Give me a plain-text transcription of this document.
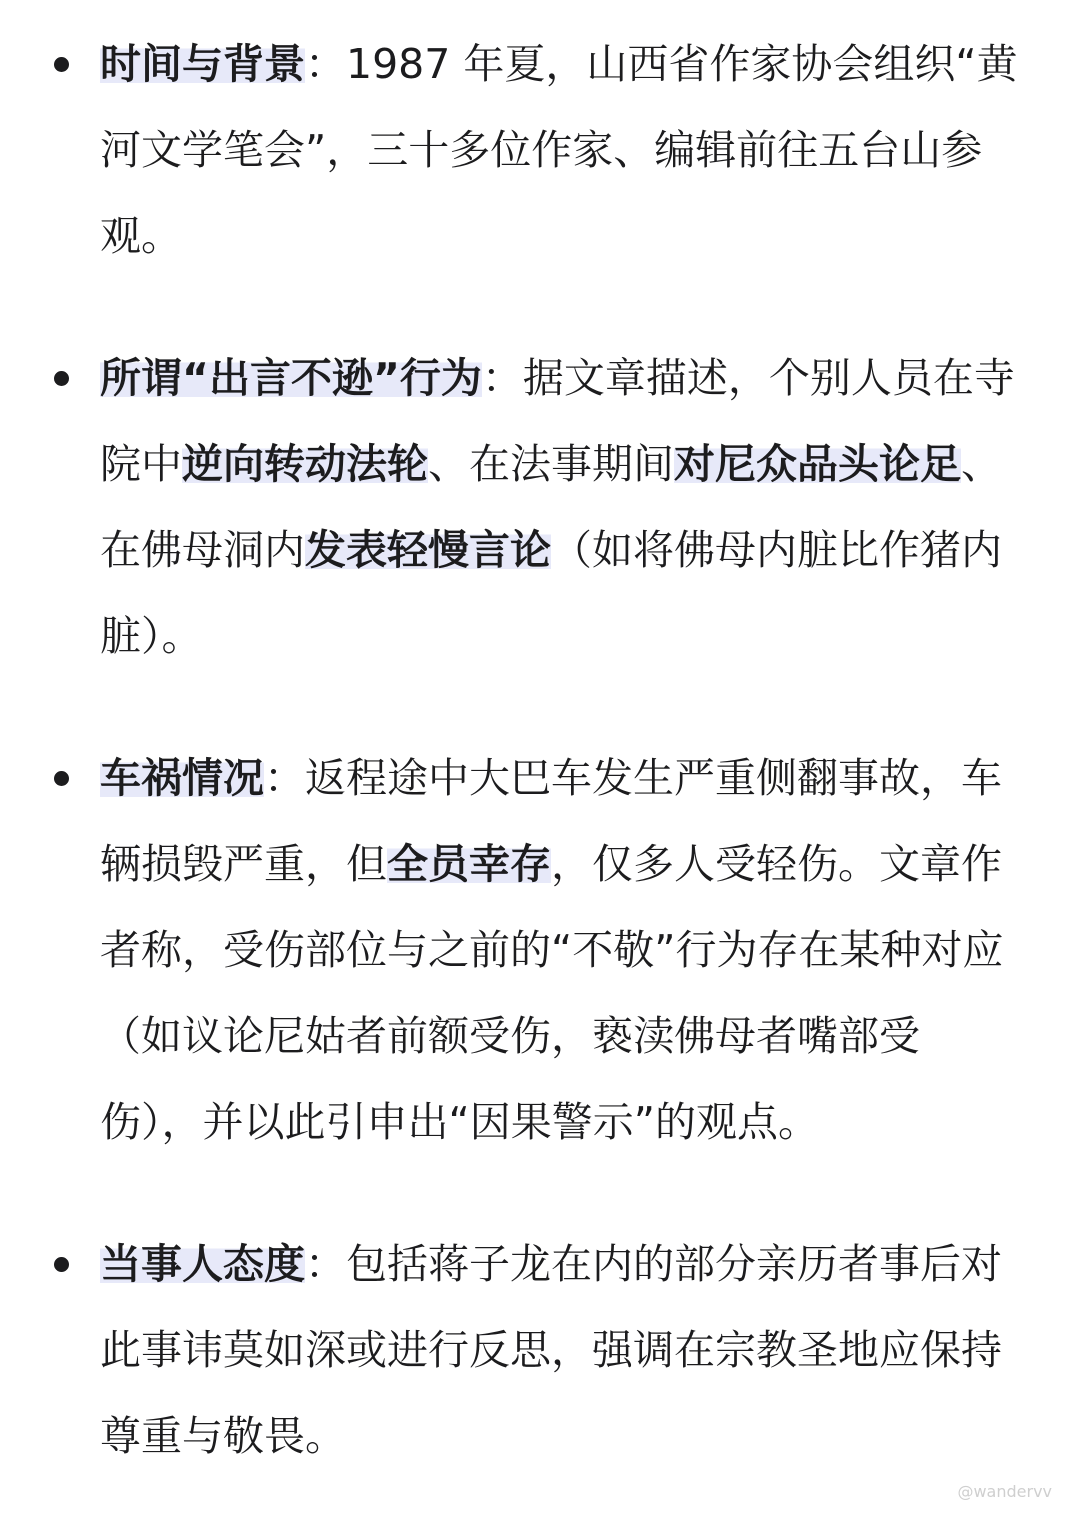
时间与背景：1987 年夏，山西省作家协会组织“黄河文学笔会”，三十多位作家、编辑前往五台山参观。
所谓“出言不逊”行为：据文章描述，个别人员在寺院中逆向转动法轮、在法事期间对尼众品头论足、在佛母洞内发表轻慢言论（如将佛母内脏比作猪内脏）。
车祸情况：返程途中大巴车发生严重侧翻事故，车辆损毁严重，但全员幸存，仅多人受轻伤。文章作者称，受伤部位与之前的“不敬”行为存在某种对应（如议论尼姑者前额受伤，亵渎佛母者嘴部受伤），并以此引申出“因果警示”的观点。
当事人态度：包括蒋子龙在内的部分亲历者事后对此事讳莫如深或进行反思，强调在宗教圣地应保持尊重与敬畏。
@wandervv
